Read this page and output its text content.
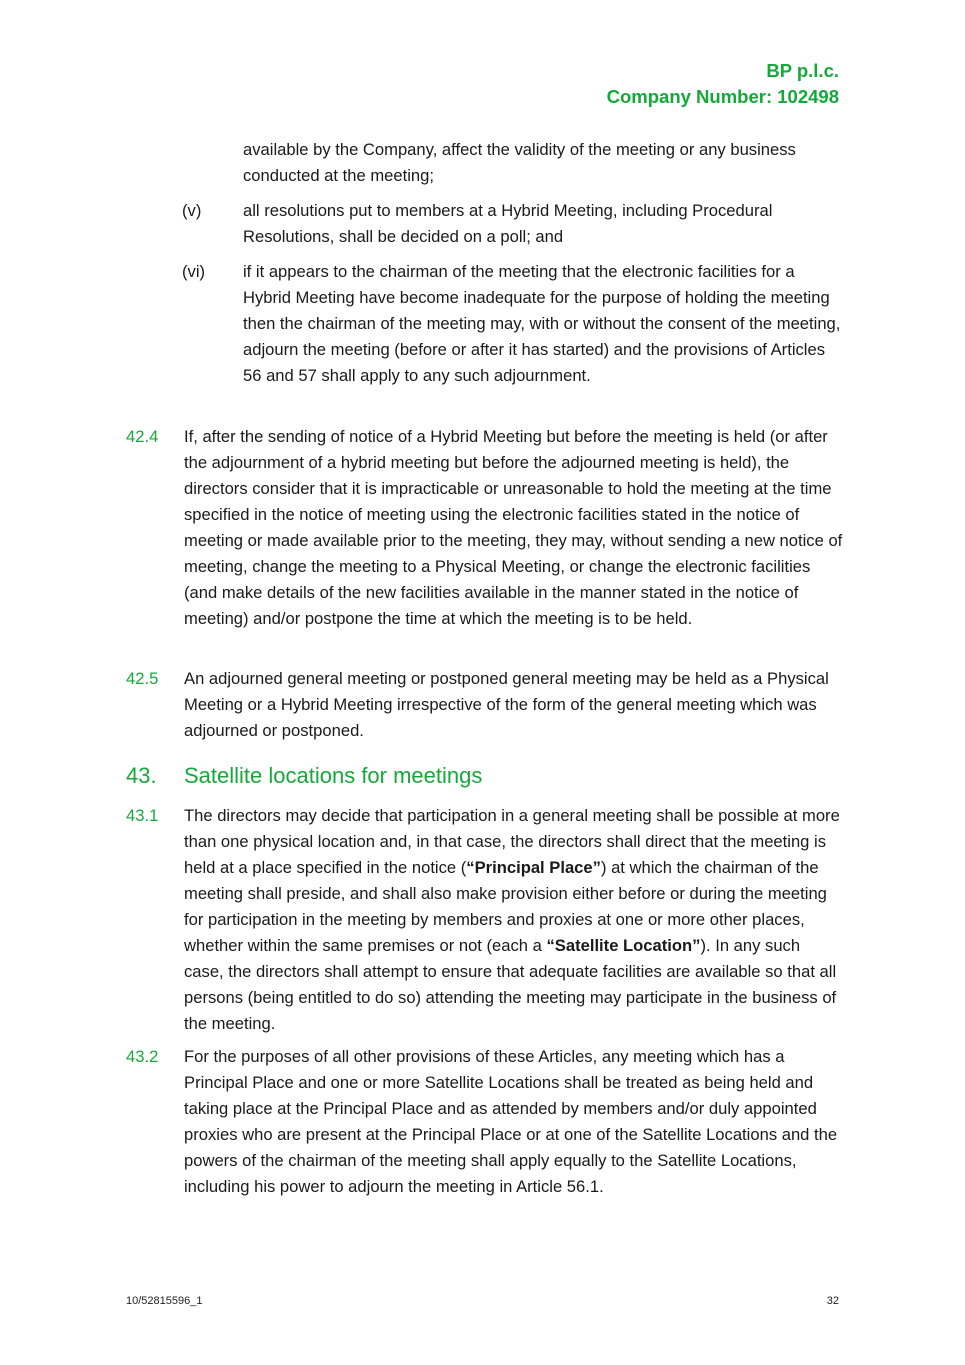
BP p.l.c.
Company Number: 102498
available by the Company, affect the validity of the meeting or any business conducted at the meeting;
(v)	all resolutions put to members at a Hybrid Meeting, including Procedural Resolutions, shall be decided on a poll; and
(vi) if it appears to the chairman of the meeting that the electronic facilities for a Hybrid Meeting have become inadequate for the purpose of holding the meeting then the chairman of the meeting may, with or without the consent of the meeting, adjourn the meeting (before or after it has started) and the provisions of Articles 56 and 57 shall apply to any such adjournment.
42.4 If, after the sending of notice of a Hybrid Meeting but before the meeting is held (or after the adjournment of a hybrid meeting but before the adjourned meeting is held), the directors consider that it is impracticable or unreasonable to hold the meeting at the time specified in the notice of meeting using the electronic facilities stated in the notice of meeting or made available prior to the meeting, they may, without sending a new notice of meeting, change the meeting to a Physical Meeting, or change the electronic facilities (and make details of the new facilities available in the manner stated in the notice of meeting) and/or postpone the time at which the meeting is to be held.
42.5 An adjourned general meeting or postponed general meeting may be held as a Physical Meeting or a Hybrid Meeting irrespective of the form of the general meeting which was adjourned or postponed.
43. Satellite locations for meetings
43.1 The directors may decide that participation in a general meeting shall be possible at more than one physical location and, in that case, the directors shall direct that the meeting is held at a place specified in the notice (“Principal Place”) at which the chairman of the meeting shall preside, and shall also make provision either before or during the meeting for participation in the meeting by members and proxies at one or more other places, whether within the same premises or not (each a “Satellite Location”). In any such case, the directors shall attempt to ensure that adequate facilities are available so that all persons (being entitled to do so) attending the meeting may participate in the business of the meeting.
43.2 For the purposes of all other provisions of these Articles, any meeting which has a Principal Place and one or more Satellite Locations shall be treated as being held and taking place at the Principal Place and as attended by members and/or duly appointed proxies who are present at the Principal Place or at one of the Satellite Locations and the powers of the chairman of the meeting shall apply equally to the Satellite Locations, including his power to adjourn the meeting in Article 56.1.
10/52815596_1	32
